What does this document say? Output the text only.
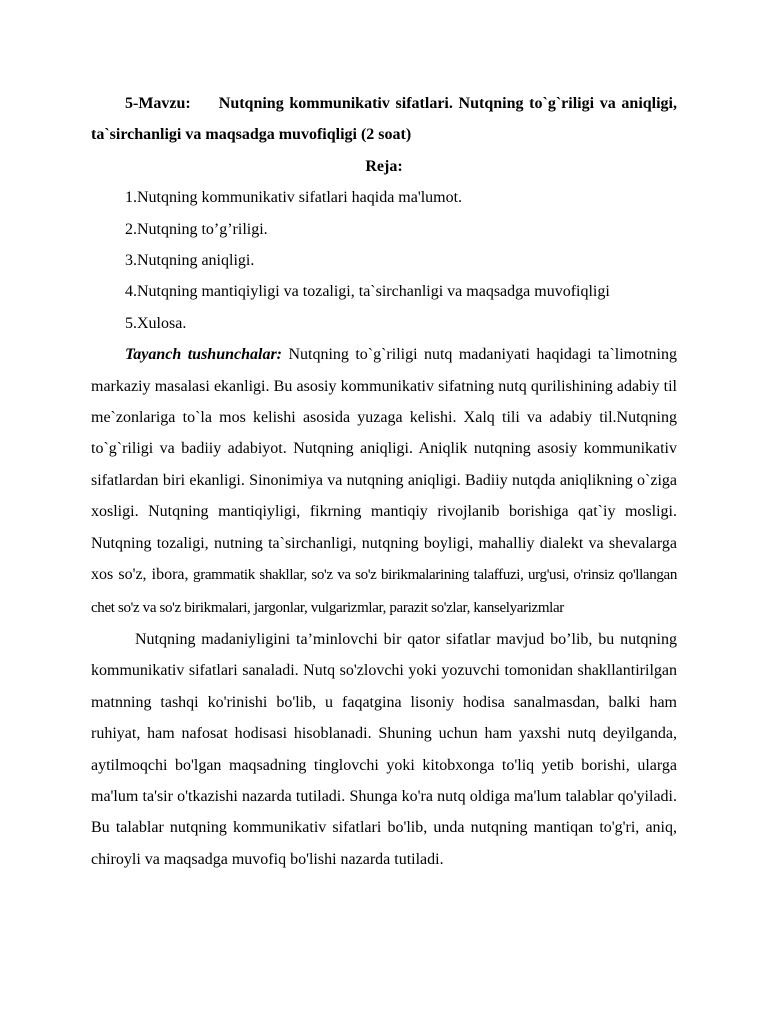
5-Mavzu: Nutqning kommunikativ sifatlari. Nutqning to`g`riligi va aniqligi, ta`sirchanligi va maqsadga muvofiqligi (2 soat)

Reja:

1.Nutqning kommunikativ sifatlari haqida ma'lumot.
2.Nutqning to’g’riligi.
3.Nutqning aniqligi.
4.Nutqning mantiqiyligi va tozaligi, ta`sirchanligi va maqsadga muvofiqligi
5.Xulosa.

Tayanch tushunchalar: Nutqning to`g`riligi nutq madaniyati haqidagi ta`limotning markaziy masalasi ekanligi. Bu asosiy kommunikativ sifatning nutq qurilishining adabiy til me`zonlariga to`la mos kelishi asosida yuzaga kelishi. Xalq tili va adabiy til.Nutqning to`g`riligi va badiiy adabiyot. Nutqning aniqligi. Aniqlik nutqning asosiy kommunikativ sifatlardan biri ekanligi. Sinonimiya va nutqning aniqligi. Badiiy nutqda aniqlikning o`ziga xosligi. Nutqning mantiqiyligi, fikrning mantiqiy rivojlanib borishiga qat`iy mosligi. Nutqning tozaligi, nutning ta`sirchanligi, nutqning boyligi, mahalliy dialekt va shevalarga xos so'z, ibora, grammatik shakllar, so'z va so'z birikmalarining talaffuzi, urg'usi, o'rinsiz qo'llangan chet so'z va so'z birikmalari, jargonlar, vulgarizmlar, parazit so'zlar, kanselyarizmlar

Nutqning madaniyligini ta’minlovchi bir qator sifatlar mavjud bo’lib, bu nutqning kommunikativ sifatlari sanaladi. Nutq so'zlovchi yoki yozuvchi tomonidan shakllantirilgan matnning tashqi ko'rinishi bo'lib, u faqatgina lisoniy hodisa sanalmasdan, balki ham ruhiyat, ham nafosat hodisasi hisoblanadi. Shuning uchun ham yaxshi nutq deyilganda, aytilmoqchi bo'lgan maqsadning tinglovchi yoki kitobxonga to'liq yetib borishi, ularga ma'lum ta'sir o'tkazishi nazarda tutiladi. Shunga ko'ra nutq oldiga ma'lum talablar qo'yiladi. Bu talablar nutqning kommunikativ sifatlari bo'lib, unda nutqning mantiqan to'g'ri, aniq, chiroyli va maqsadga muvofiq bo'lishi nazarda tutiladi.
